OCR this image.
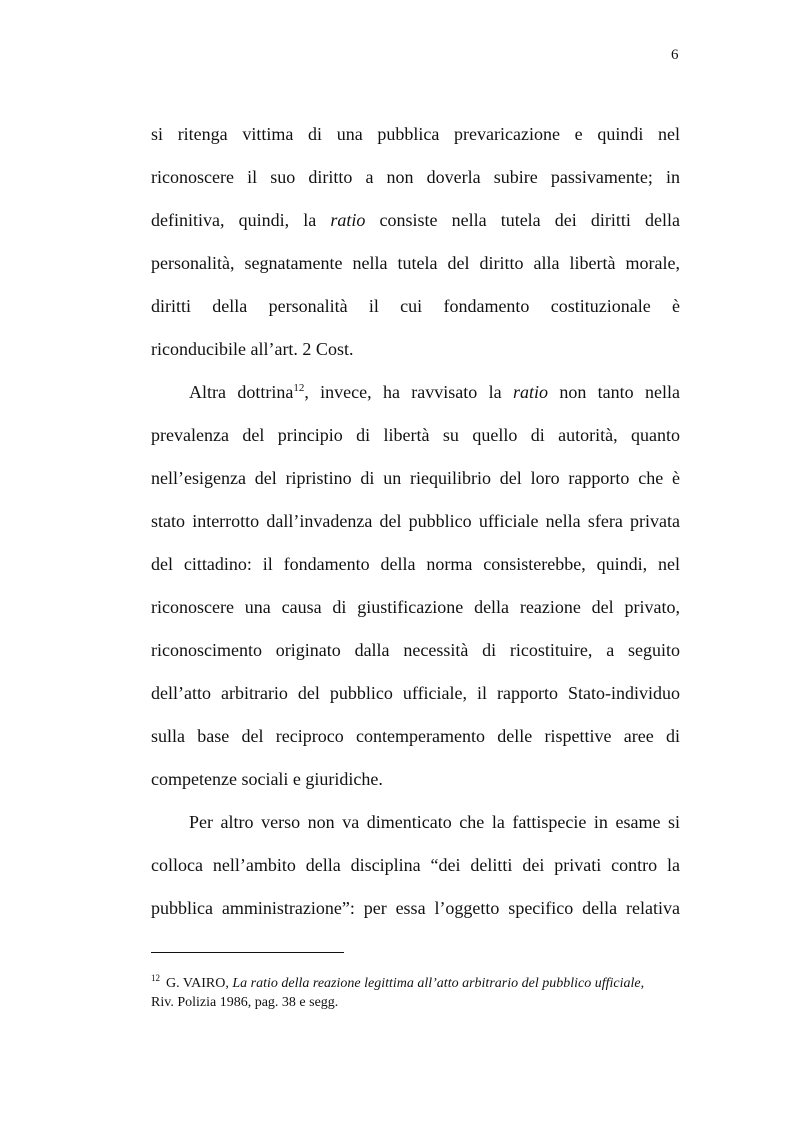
6
si ritenga vittima di una pubblica prevaricazione e quindi nel
riconoscere il suo diritto a non doverla subire passivamente; in
definitiva, quindi, la ratio consiste nella tutela dei diritti della
personalità, segnatamente nella tutela del diritto alla libertà morale,
diritti della personalità il cui fondamento costituzionale è
riconducibile all’art. 2 Cost.
Altra dottrina$^{12}$, invece, ha ravvisato la ratio non tanto nella
prevalenza del principio di libertà su quello di autorità, quanto
nell’esigenza del ripristino di un riequilibrio del loro rapporto che è
stato interrotto dall’invadenza del pubblico ufficiale nella sfera privata
del cittadino: il fondamento della norma consisterebbe, quindi, nel
riconoscere una causa di giustificazione della reazione del privato,
riconoscimento originato dalla necessità di ricostituire, a seguito
dell’atto arbitrario del pubblico ufficiale, il rapporto Stato-individuo
sulla base del reciproco contemperamento delle rispettive aree di
competenze sociali e giuridiche.
Per altro verso non va dimenticato che la fattispecie in esame si
colloca nell’ambito della disciplina “dei delitti dei privati contro la
pubblica amministrazione”: per essa l’oggetto specifico della relativa
$^{12}$ G. VAIRO, La ratio della reazione legittima all’atto arbitrario del pubblico ufficiale,
Riv. Polizia 1986, pag. 38 e segg.
